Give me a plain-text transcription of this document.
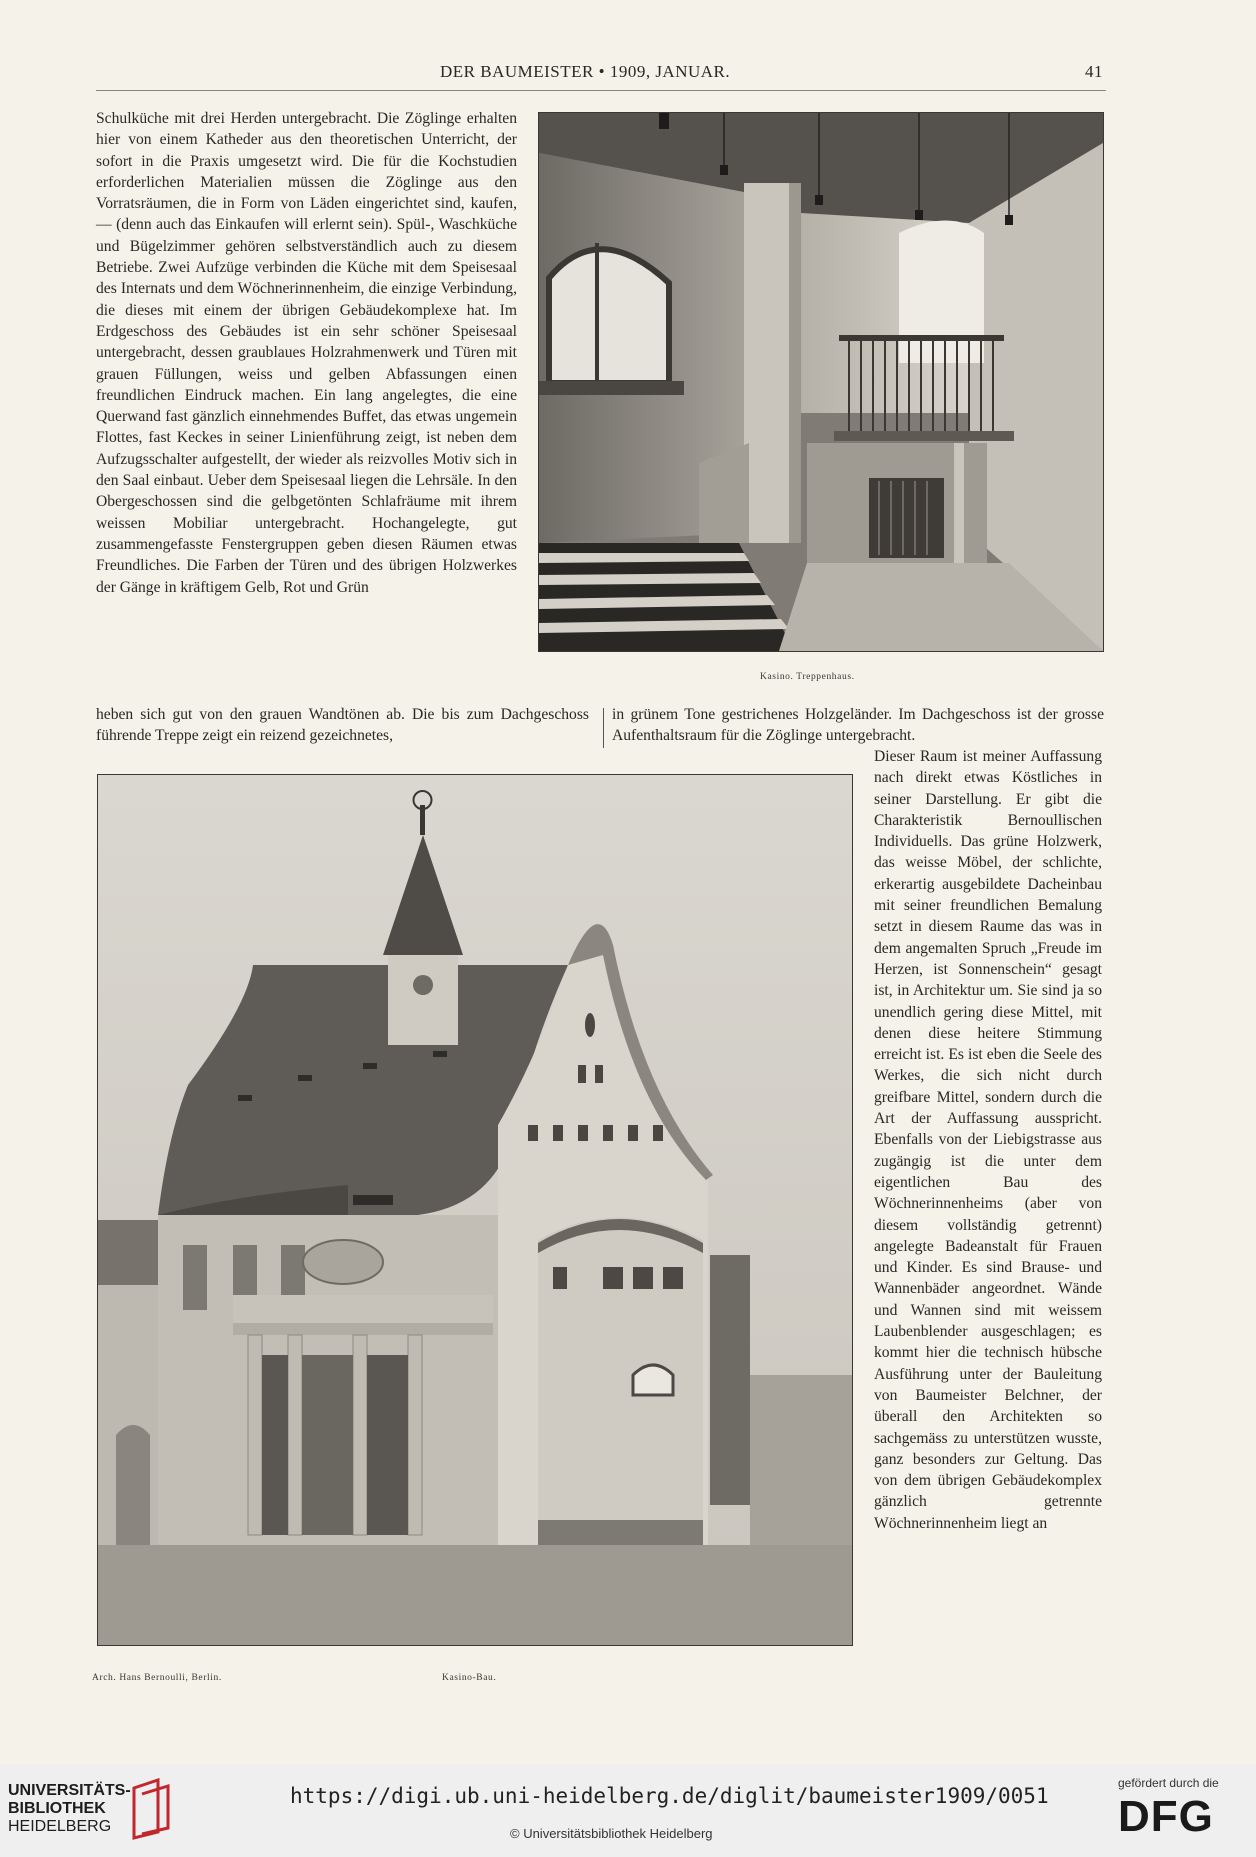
DER BAUMEISTER • 1909, JANUAR.	41

Schulküche mit drei Herden untergebracht. Die Zöglinge erhalten hier von einem Katheder aus den theoretischen Unterricht, der sofort in die Praxis umgesetzt wird. Die für die Kochstudien erforderlichen Materialien müssen die Zöglinge aus den Vorratsräumen, die in Form von Läden eingerichtet sind, kaufen, — (denn auch das Einkaufen will erlernt sein). Spül-, Waschküche und Bügelzimmer gehören selbstverständlich auch zu diesem Betriebe. Zwei Aufzüge verbinden die Küche mit dem Speisesaal des Internats und dem Wöchnerinnenheim, die einzige Verbindung, die dieses mit einem der übrigen Gebäudekomplexe hat. Im Erdgeschoss des Gebäudes ist ein sehr schöner Speisesaal untergebracht, dessen graublaues Holzrahmenwerk und Türen mit grauen Füllungen, weiss und gelben Abfassungen einen freundlichen Eindruck machen. Ein lang angelegtes, die eine Querwand fast gänzlich einnehmendes Buffet, das etwas ungemein Flottes, fast Keckes in seiner Linienführung zeigt, ist neben dem Aufzugsschalter aufgestellt, der wieder als reizvolles Motiv sich in den Saal einbaut. Ueber dem Speisesaal liegen die Lehrsäle. In den Obergeschossen sind die gelbgetönten Schlafräume mit ihrem weissen Mobiliar untergebracht. Hochangelegte, gut zusammengefasste Fenstergruppen geben diesen Räumen etwas Freundliches. Die Farben der Türen und des übrigen Holzwerkes der Gänge in kräftigem Gelb, Rot und Grün

heben sich gut von den grauen Wandtönen ab. Die bis zum Dachgeschoss führende Treppe zeigt ein reizend gezeichnetes,

in grünem Tone gestrichenes Holzgeländer. Im Dachgeschoss ist der grosse Aufenthaltsraum für die Zöglinge untergebracht.

Dieser Raum ist meiner Auffassung nach direkt etwas Köstliches in seiner Darstellung. Er gibt die Charakteristik Bernoullischen Individuells. Das grüne Holzwerk, das weisse Möbel, der schlichte, erkerartig ausgebildete Dacheinbau mit seiner freundlichen Bemalung setzt in diesem Raume das was in dem angemalten Spruch „Freude im Herzen, ist Sonnenschein“ gesagt ist, in Architektur um. Sie sind ja so unendlich gering diese Mittel, mit denen diese heitere Stimmung erreicht ist. Es ist eben die Seele des Werkes, die sich nicht durch greifbare Mittel, sondern durch die Art der Auffassung ausspricht. Ebenfalls von der Liebigstrasse aus zugängig ist die unter dem eigentlichen Bau des Wöchnerinnenheims (aber von diesem vollständig getrennt) angelegte Badeanstalt für Frauen und Kinder. Es sind Brause- und Wannenbäder angeordnet. Wände und Wannen sind mit weissem Laubenblender ausgeschlagen; es kommt hier die technisch hübsche Ausführung unter der Bauleitung von Baumeister Belchner, der überall den Architekten so sachgemäss zu unterstützen wusste, ganz besonders zur Geltung. Das von dem übrigen Gebäudekomplex gänzlich getrennte Wöchnerinnenheim liegt an

Kasino. Treppenhaus.
Arch. Hans Bernoulli, Berlin.	Kasino-Bau.
UNIVERSITÄTS-
BIBLIOTHEK
HEIDELBERG
https://digi.ub.uni-heidelberg.de/diglit/baumeister1909/0051
© Universitätsbibliothek Heidelberg
gefördert durch die
DFG
